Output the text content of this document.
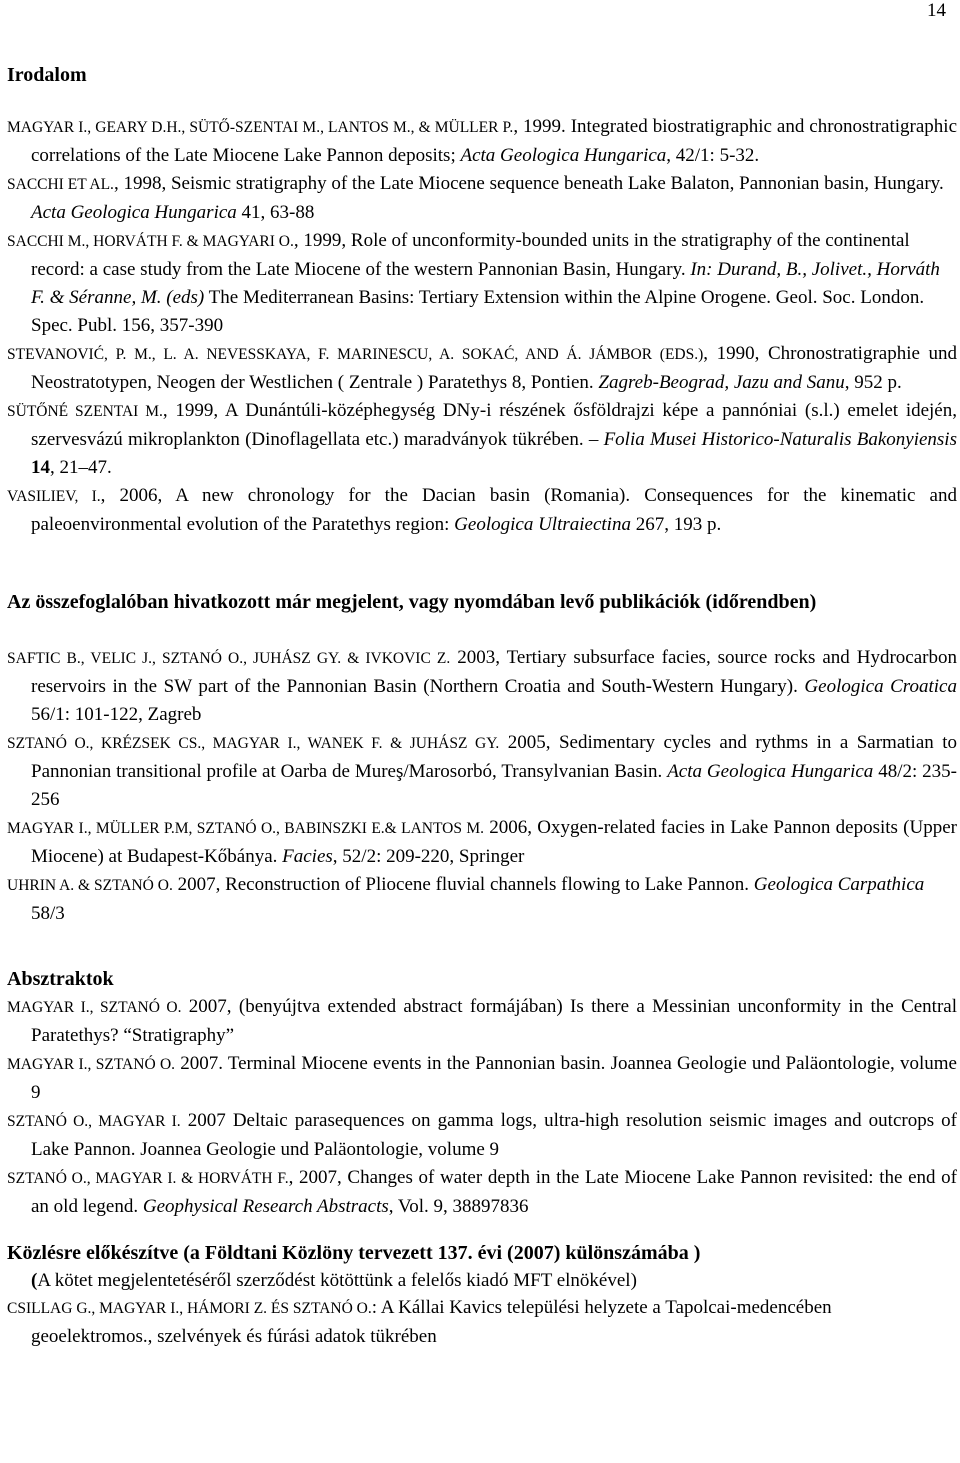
14

Irodalom

MAGYAR I., GEARY D.H., SÜTŐ-SZENTAI M., LANTOS M., & MÜLLER P., 1999. Integrated biostratigraphic and chronostratigraphic correlations of the Late Miocene Lake Pannon deposits; Acta Geologica Hungarica, 42/1: 5-32.

SACCHI ET AL., 1998, Seismic stratigraphy of the Late Miocene sequence beneath Lake Balaton, Pannonian basin, Hungary. Acta Geologica Hungarica 41, 63-88

SACCHI M., HORVÁTH F. & MAGYARI O., 1999, Role of unconformity-bounded units in the stratigraphy of the continental record: a case study from the Late Miocene of the western Pannonian Basin, Hungary. In: Durand, B., Jolivet., Horváth F. & Séranne, M. (eds) The Mediterranean Basins: Tertiary Extension within the Alpine Orogene. Geol. Soc. London. Spec. Publ. 156, 357-390

STEVANOVIĆ, P. M., L. A. NEVESSKAYA, F. MARINESCU, A. SOKAĆ, AND Á. JÁMBOR (EDS.), 1990, Chronostratigraphie und Neostratotypen, Neogen der Westlichen ( Zentrale ) Paratethys 8, Pontien. Zagreb-Beograd, Jazu and Sanu, 952 p.

SÜTŐNÉ SZENTAI M., 1999, A Dunántúli-középhegység DNy-i részének ősföldrajzi képe a pannóniai (s.l.) emelet idején, szervesvázú mikroplankton (Dinoflagellata etc.) maradványok tükrében. – Folia Musei Historico-Naturalis Bakonyiensis 14, 21–47.

VASILIEV, I., 2006, A new chronology for the Dacian basin (Romania). Consequences for the kinematic and paleoenvironmental evolution of the Paratethys region: Geologica Ultraiectina 267, 193 p.

Az összefoglalóban hivatkozott már megjelent, vagy nyomdában levő publikációk (időrendben)

SAFTIC B., VELIC J., SZTANÓ O., JUHÁSZ GY. & IVKOVIC Z. 2003, Tertiary subsurface facies, source rocks and Hydrocarbon reservoirs in the SW part of the Pannonian Basin (Northern Croatia and South-Western Hungary). Geologica Croatica 56/1: 101-122, Zagreb

SZTANÓ O., KRÉZSEK CS., MAGYAR I., WANEK F. & JUHÁSZ GY. 2005, Sedimentary cycles and rythms in a Sarmatian to Pannonian transitional profile at Oarba de Mureş/Marosorbó, Transylvanian Basin. Acta Geologica Hungarica 48/2: 235-256

MAGYAR I., MÜLLER P.M, SZTANÓ O., BABINSZKI E.& LANTOS M. 2006, Oxygen-related facies in Lake Pannon deposits (Upper Miocene) at Budapest-Kőbánya. Facies, 52/2: 209-220, Springer

UHRIN A. & SZTANÓ O. 2007, Reconstruction of Pliocene fluvial channels flowing to Lake Pannon. Geologica Carpathica 58/3

Absztraktok

MAGYAR I., SZTANÓ O. 2007, (benyújtva extended abstract formájában) Is there a Messinian unconformity in the Central Paratethys? “Stratigraphy”

MAGYAR I., SZTANÓ O. 2007. Terminal Miocene events in the Pannonian basin. Joannea Geologie und Paläontologie, volume 9

SZTANÓ O., MAGYAR I. 2007 Deltaic parasequences on gamma logs, ultra-high resolution seismic images and outcrops of Lake Pannon. Joannea Geologie und Paläontologie, volume 9

SZTANÓ O., MAGYAR I. & HORVÁTH F., 2007, Changes of water depth in the Late Miocene Lake Pannon revisited: the end of an old legend. Geophysical Research Abstracts, Vol. 9, 38897836

Közlésre előkészítve (a Földtani Közlöny tervezett 137. évi (2007) különszámába )

(A kötet megjelentetéséről szerződést kötöttünk a felelős kiadó MFT elnökével)

CSILLAG G., MAGYAR I., HÁMORI Z. ÉS SZTANÓ O.: A Kállai Kavics települési helyzete a Tapolcai-medencében geoelektromos., szelvények és fúrási adatok tükrében
